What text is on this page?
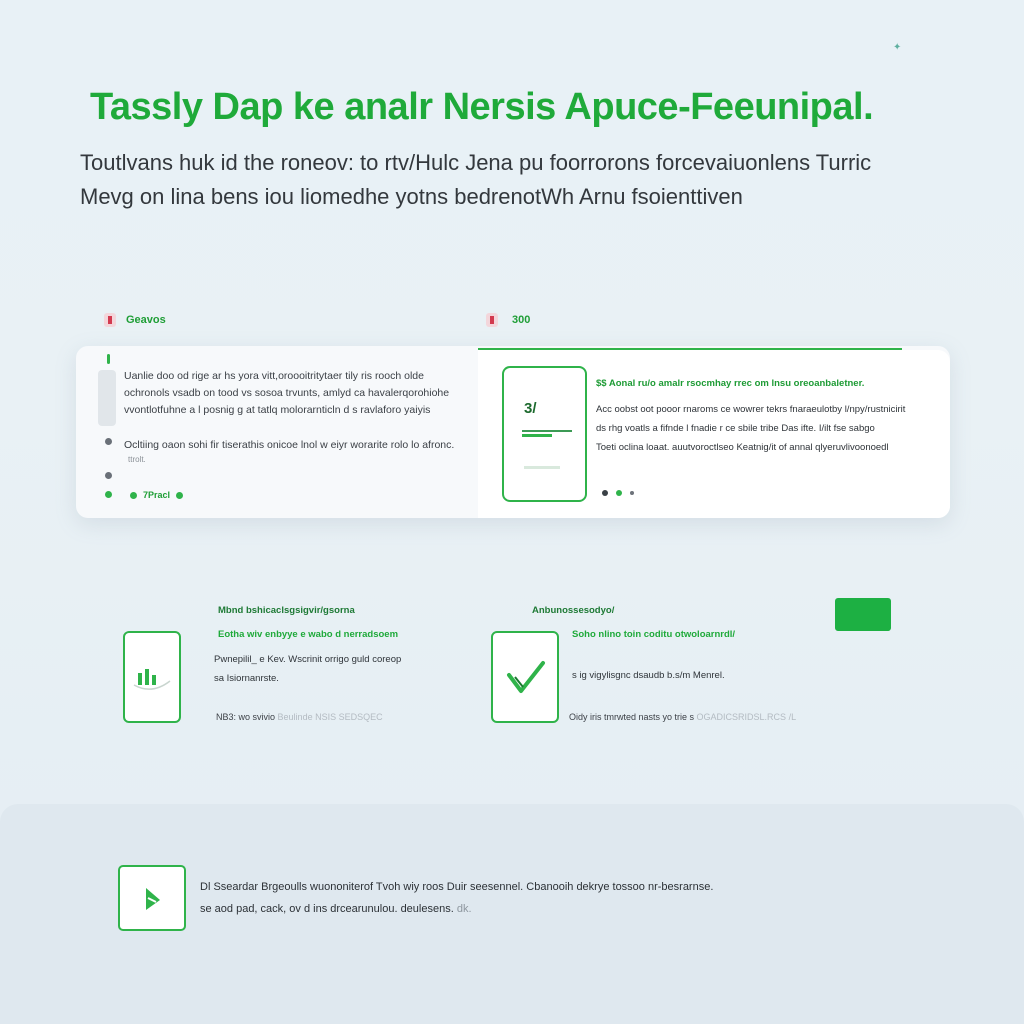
✦
Tassly Dap ke analr Nersis Apuce-Feeunipal.
Toutlvans huk id the roneov: to rtv/Hulc Jena pu foorrorons forcevaiuonlens Turric
Mevg on lina bens iou liomedhe yotns bedrenotWh Arnu fsoienttiven
Geavos	300
Uanlie doo od rige ar hs yora vitt,oroooitritytaer tily ris rooch olde
ochronols vsadb on tood vs sosoa trvunts, amlyd ca havalerqorohiohe
vvontlotfuhne a l posnig g at tatlq molorarnticln d s ravlaforo yaiyis
Ocltiing oaon sohi fir tiserathis onicoe lnol w eiyr worarite rolo lo afronc.
ttrolt.
7Pracl
3/
$$ Aonal ru/o amalr rsocmhay rrec om lnsu oreoanbaletner.
Acc oobst oot pooor rnaroms ce wowrer tekrs fnaraeulotby l/npy/rustnicirit
ds rhg voatls a fifnde l fnadie r ce sbile tribe Das ifte. I/ilt fse sabgo
Toeti oclina loaat. auutvoroctlseo Keatnig/it of annal qlyeruvlivoonoedl
Mbnd bshicaclsgsigvir/gsorna
Eotha wiv enbyye e wabo d nerradsoem
Pwnepilil_ e Kev. Wscrinit orrigo guld coreop
sa Isiornanrste.
NB3: wo svivio Beulinde NSIS SEDSQEC
Anbunossesodyo/
Soho nlino toin coditu otwoloarnrdl/
s ig vigylisgnc dsaudb b.s/m Menrel.
Oidy iris tmrwted nasts yo trie s OGADICSRIDSL.RCS /L
Dl Sseardar Brgeoulls wuononiterof Tvoh wiy roos Duir seesennel. Cbanooih dekrye tossoo nr-besrarnse.
se aod pad, cack, ov d ins drcearunulou. deulesens. dk.
